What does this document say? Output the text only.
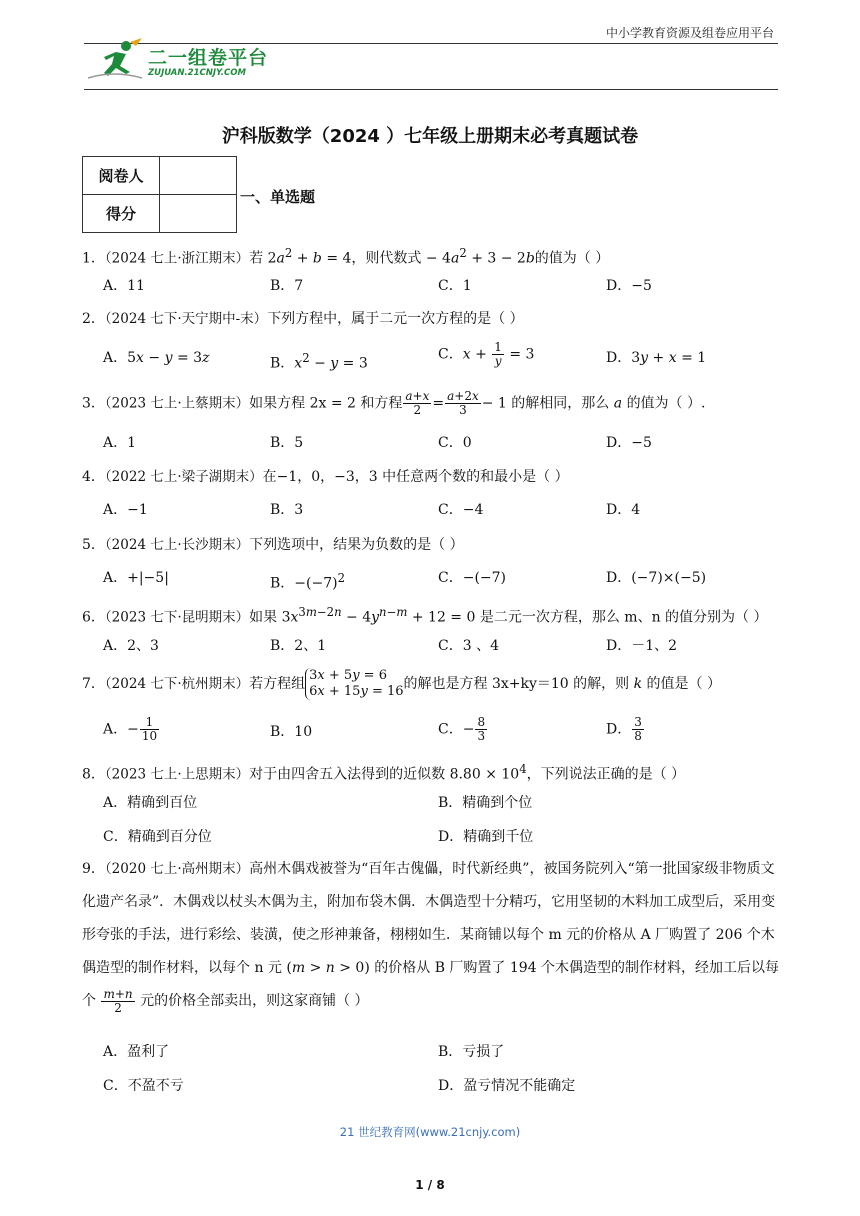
中小学教育资源及组卷应用平台
二一组卷平台
ZUJUAN.21CNJY.COM
沪科版数学（2024 ）七年级上册期末必考真题试卷
阅卷人	
得分	
一、单选题
1．（2024 七上·浙江期末）若 $2a^2 + b = 4$，则代数式 − $4a^2 + 3 - 2b$的值为（ ）
A．11	B．7	C．1	D．−5
2．（2024 七下·天宁期中-末）下列方程中，属于二元一次方程的是（ ）
A．5x − y = 3z	B．$x^2 - y = 3$
C．$x + \frac{1}{y} = 3$	D．3y + x = 1
3．（2023 七上·上蔡期末）如果方程 2x = 2 和方程 $\frac{a+x}{2} = \frac{a+2x}{3} - 1$ 的解相同，那么 a 的值为（ ）.
A．1	B．5	C．0	D．−5
4．（2022 七上·梁子湖期末）在−1，0，−3，3 中任意两个数的和最小是（ ）
A．−1	B．3	C．−4	D．4
5．（2024 七上·长沙期末）下列选项中，结果为负数的是（ ）
A．+|−5|	B．$-(-7)^2$	C．−(−7)	D．(−7)×(−5)
6．（2023 七下·昆明期末）如果 $3x^{3m-2n} - 4y^{n-m} + 12 = 0$ 是二元一次方程，那么 m、n 的值分别为（ ）
A．2、3	B．2、1	C．3 、4	D．－1、2
7．（2024 七下·杭州期末）若方程组
3x + 5y = 6
6x + 15y = 16 的解也是方程 3x+ky＝10 的解，则 k 的值是（ ）
A．− $\frac{1}{10}$	B．10	C．− $\frac{8}{3}$	D． $\frac{3}{8}$
8．（2023 七上·上思期末）对于由四舍五入法得到的近似数 $8.80 \times 10^4$，下列说法正确的是（ ）
A．精确到百位	B．精确到个位
C．精确到百分位	D．精确到千位
9．（2020 七上·高州期末）高州木偶戏被誉为“百年古傀儡，时代新经典”，被国务院列入“第一批国家级非物质文化遗产名录”．木偶戏以杖头木偶为主，附加布袋木偶．木偶造型十分精巧，它用坚韧的木料加工成型后，采用变形夸张的手法，进行彩绘、装潢，使之形神兼备，栩栩如生．某商铺以每个 m 元的价格从 A 厂购置了 206 个木偶造型的制作材料，以每个 n 元 (m > n > 0) 的价格从 B 厂购置了 194 个木偶造型的制作材料，经加工后以每个 $\frac{m+n}{2}$ 元的价格全部卖出，则这家商铺（ ）
A．盈利了	B．亏损了
C．不盈不亏	D．盈亏情况不能确定
21 世纪教育网(www.21cnjy.com)
1 / 8
